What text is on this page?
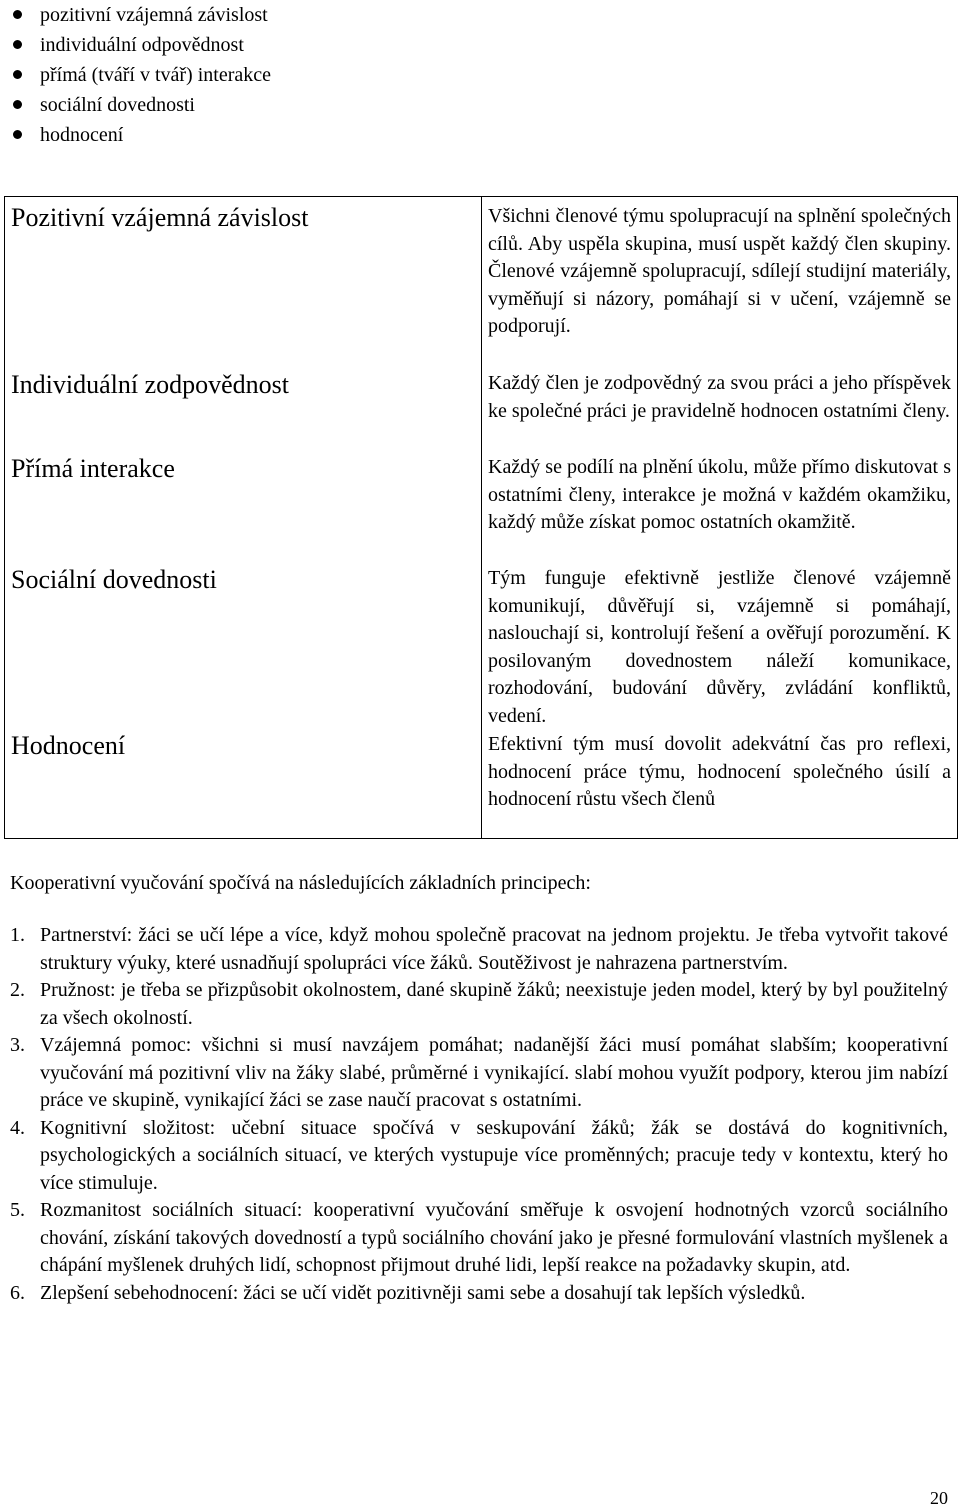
pozitivní vzájemná závislost
individuální odpovědnost
přímá (tváří v tvář) interakce
sociální dovednosti
hodnocení
Pozitivní vzájemná závislost	Všichni členové týmu spolupracují na splnění společných cílů. Aby uspěla skupina, musí uspět každý člen skupiny. Členové vzájemně spolupracují, sdílejí studijní materiály, vyměňují si názory, pomáhají si v učení, vzájemně se podporují.
Individuální zodpovědnost	Každý člen je zodpovědný za svou práci a jeho příspěvek ke společné práci je pravidelně hodnocen ostatními členy.
Přímá interakce	Každý se podílí na plnění úkolu, může přímo diskutovat s ostatními členy, interakce je možná v každém okamžiku, každý může získat pomoc ostatních okamžitě.
Sociální dovednosti	Tým funguje efektivně jestliže členové vzájemně komunikují, důvěřují si, vzájemně si pomáhají, naslouchají si, kontrolují řešení a ověřují porozumění. K posilovaným dovednostem náleží komunikace, rozhodování, budování důvěry, zvládání konfliktů, vedení.
Hodnocení	Efektivní tým musí dovolit adekvátní čas pro reflexi, hodnocení práce týmu, hodnocení společného úsilí a hodnocení růstu všech členů
Kooperativní vyučování spočívá na následujících základních principech:
1. Partnerství: žáci se učí lépe a více, když mohou společně pracovat na jednom projektu. Je třeba vytvořit takové struktury výuky, které usnadňují spolupráci více žáků. Soutěživost je nahrazena partnerstvím.
2. Pružnost: je třeba se přizpůsobit okolnostem, dané skupině žáků; neexistuje jeden model, který by byl použitelný za všech okolností.
3. Vzájemná pomoc: všichni si musí navzájem pomáhat; nadanější žáci musí pomáhat slabším; kooperativní vyučování má pozitivní vliv na žáky slabé, průměrné i vynikající. slabí mohou využít podpory, kterou jim nabízí práce ve skupině, vynikající žáci se zase naučí pracovat s ostatními.
4. Kognitivní složitost: učební situace spočívá v seskupování žáků; žák se dostává do kognitivních, psychologických a sociálních situací, ve kterých vystupuje více proměnných; pracuje tedy v kontextu, který ho více stimuluje.
5. Rozmanitost sociálních situací: kooperativní vyučování směřuje k osvojení hodnotných vzorců sociálního chování, získání takových dovedností a typů sociálního chování jako je přesné formulování vlastních myšlenek a chápání myšlenek druhých lidí, schopnost přijmout druhé lidi, lepší reakce na požadavky skupin, atd.
6. Zlepšení sebehodnocení: žáci se učí vidět pozitivněji sami sebe a dosahují tak lepších výsledků.
20
